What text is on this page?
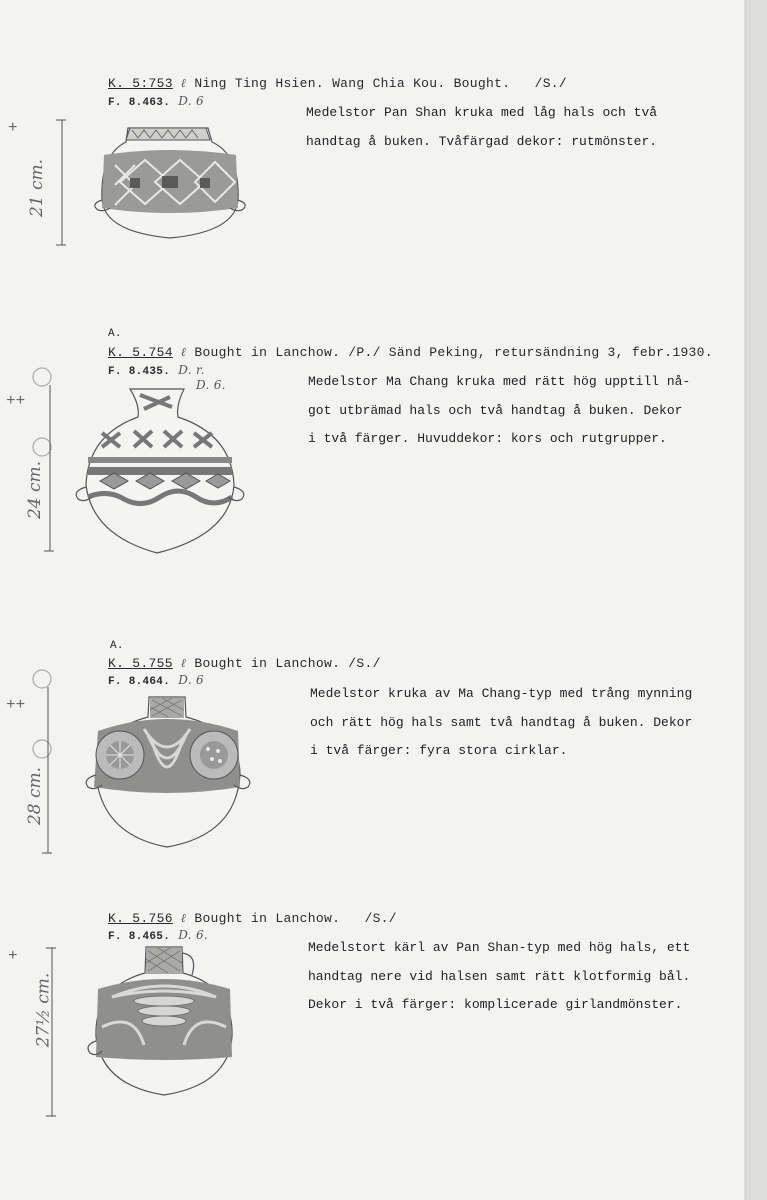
K. 5:753 ℓ Ning Ting Hsien. Wang Chia Kou. Bought. /S./
F. 8.463. D. 6
Medelstor Pan Shan kruka med låg hals och två
handtag å buken. Tvåfärgad dekor: rutmönster.
+
21 cm.
A.
K. 5.754 ℓ Bought in Lanchow. /P./ Sänd Peking, retursändning 3, febr.1930.
F. 8.435. D. r.
D. 6.	Medelstor Ma Chang kruka med rätt hög upptill nå-
got utbrämad hals och två handtag å buken. Dekor
i två färger. Huvuddekor: kors och rutgrupper.
++
24 cm.
A.
K. 5.755 ℓ Bought in Lanchow. /S./
F. 8.464. D. 6
Medelstor kruka av Ma Chang-typ med trång mynning
och rätt hög hals samt två handtag å buken. Dekor
i två färger: fyra stora cirklar.
++
28 cm.
K. 5.756 ℓ Bought in Lanchow. /S./
F. 8.465. D. 6.
Medelstort kärl av Pan Shan-typ med hög hals, ett
handtag nere vid halsen samt rätt klotformig bål.
Dekor i två färger: komplicerade girlandmönster.
+
27½ cm.
